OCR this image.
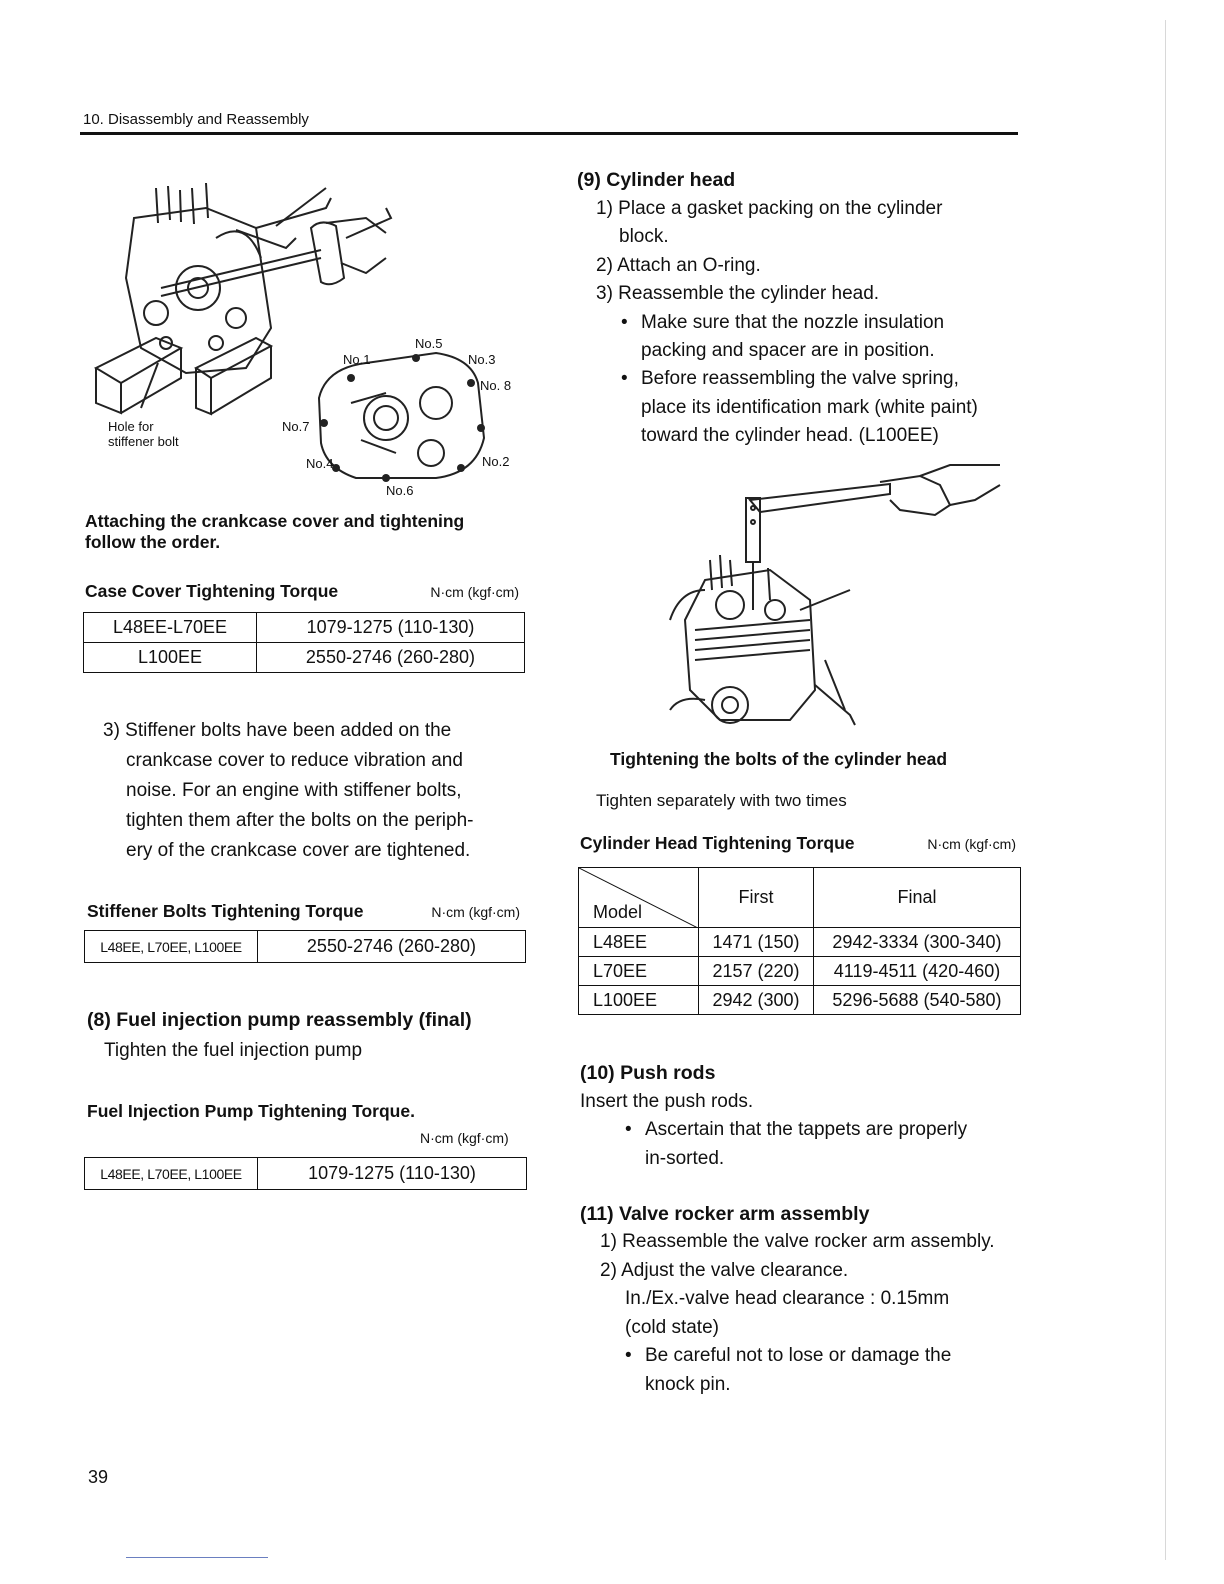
10. Disassembly and Reassembly
Hole for
stiffener bolt
No.5
No.1	No.3
No. 8
No.7
No.4	No.2
No.6
Attaching the crankcase cover and tightening
follow the order.
Case Cover Tightening Torque	N·cm (kgf·cm)
L48EE-L70EE	1079-1275 (110-130)
L100EE	2550-2746 (260-280)
3) Stiffener bolts have been added on the
crankcase cover to reduce vibration and
noise. For an engine with stiffener bolts,
tighten them after the bolts on the periph-
ery of the crankcase cover are tightened.
Stiffener Bolts Tightening Torque	N·cm (kgf·cm)
L48EE, L70EE, L100EE	2550-2746 (260-280)
(8) Fuel injection pump reassembly (final)
Tighten the fuel injection pump
Fuel Injection Pump Tightening Torque.
N·cm (kgf·cm)
L48EE, L70EE, L100EE	1079-1275 (110-130)
39
(9) Cylinder head
1) Place a gasket packing on the cylinder
block.
2) Attach an O-ring.
3) Reassemble the cylinder head.
• Make sure that the nozzle insulation
packing and spacer are in position.
• Before reassembling the valve spring,
place its identification mark (white paint)
toward the cylinder head. (L100EE)
Tightening the bolts of the cylinder head
Tighten separately with two times
Cylinder Head Tightening Torque	N·cm (kgf·cm)
Model	First	Final
L48EE	1471 (150)	2942-3334 (300-340)
L70EE	2157 (220)	4119-4511 (420-460)
L100EE	2942 (300)	5296-5688 (540-580)
(10) Push rods
Insert the push rods.
• Ascertain that the tappets are properly
in-sorted.
(11) Valve rocker arm assembly
1) Reassemble the valve rocker arm assembly.
2) Adjust the valve clearance.
In./Ex.-valve head clearance : 0.15mm
(cold state)
• Be careful not to lose or damage the
knock pin.
